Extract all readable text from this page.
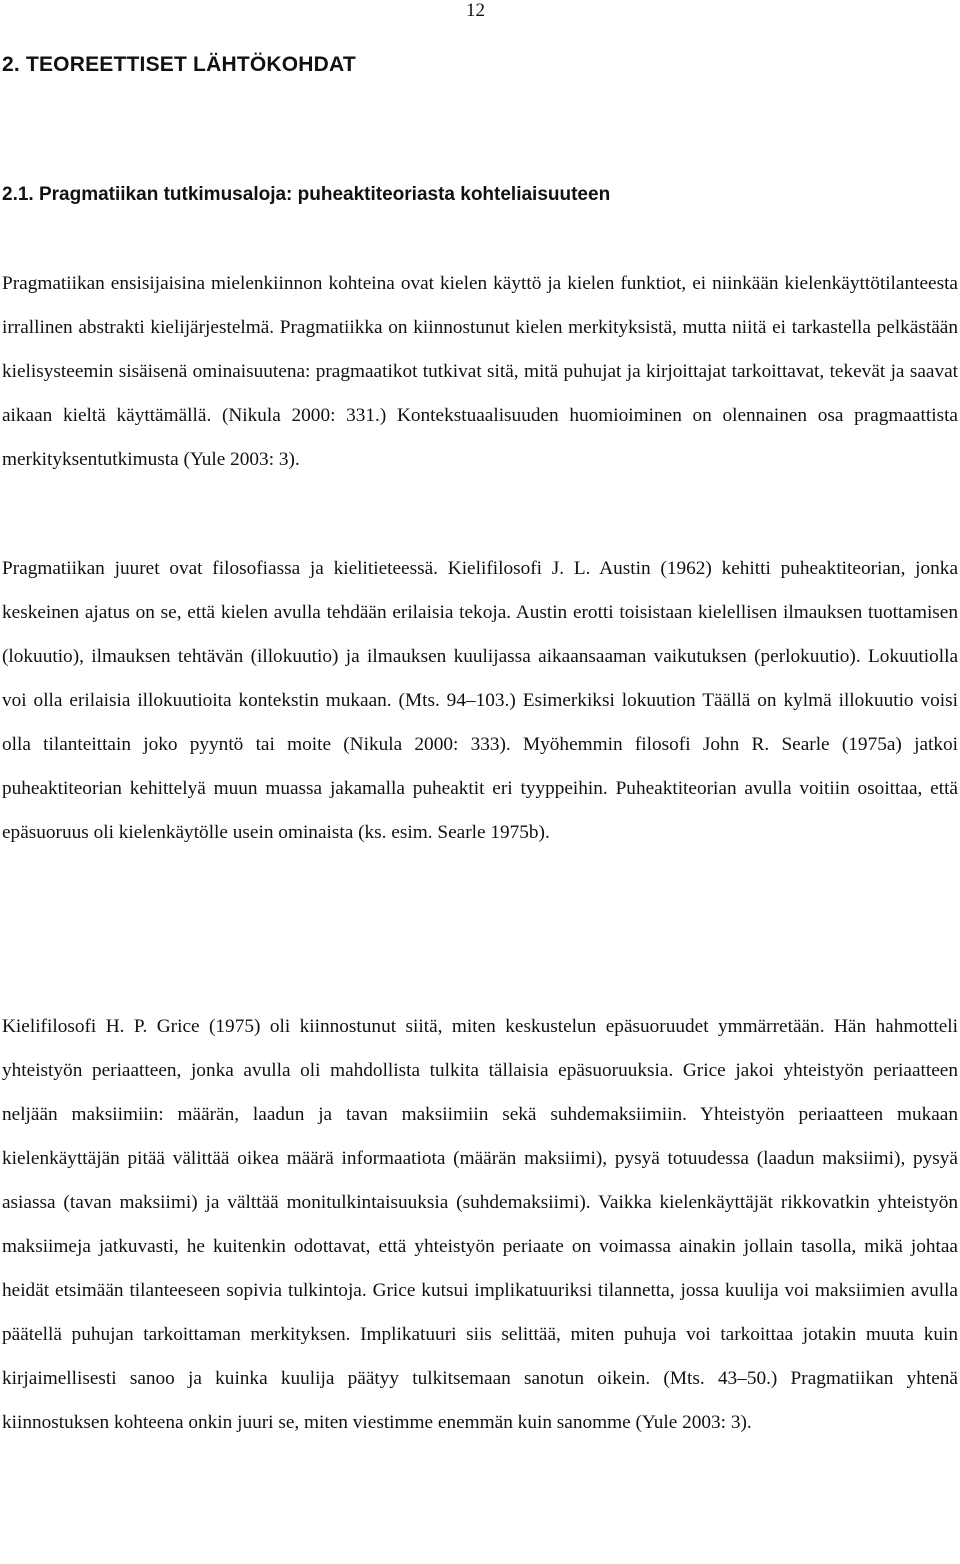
12
2. TEOREETTISET LÄHTÖKOHDAT
2.1. Pragmatiikan tutkimusaloja: puheaktiteoriasta kohteliaisuuteen

Pragmatiikan ensisijaisina mielenkiinnon kohteina ovat kielen käyttö ja kielen funktiot, ei niinkään kielenkäyttötilanteesta irrallinen abstrakti kielijärjestelmä. Pragmatiikka on kiinnostunut kielen merkityksistä, mutta niitä ei tarkastella pelkästään kielisysteemin sisäisenä ominaisuutena: pragmaatikot tutkivat sitä, mitä puhujat ja kirjoittajat tarkoittavat, tekevät ja saavat aikaan kieltä käyttämällä. (Nikula 2000: 331.) Kontekstuaalisuuden huomioiminen on olennainen osa pragmaattista merkityksentutkimusta (Yule 2003: 3).

Pragmatiikan juuret ovat filosofiassa ja kielitieteessä. Kielifilosofi J. L. Austin (1962) kehitti puheaktiteorian, jonka keskeinen ajatus on se, että kielen avulla tehdään erilaisia tekoja. Austin erotti toisistaan kielellisen ilmauksen tuottamisen (lokuutio), ilmauksen tehtävän (illokuutio) ja ilmauksen kuulijassa aikaansaaman vaikutuksen (perlokuutio). Lokuutiolla voi olla erilaisia illokuutioita kontekstin mukaan. (Mts. 94–103.) Esimerkiksi lokuution Täällä on kylmä illokuutio voisi olla tilanteittain joko pyyntö tai moite (Nikula 2000: 333). Myöhemmin filosofi John R. Searle (1975a) jatkoi puheaktiteorian kehittelyä muun muassa jakamalla puheaktit eri tyyppeihin. Puheaktiteorian avulla voitiin osoittaa, että epäsuoruus oli kielenkäytölle usein ominaista (ks. esim. Searle 1975b).

Kielifilosofi H. P. Grice (1975) oli kiinnostunut siitä, miten keskustelun epäsuoruudet ymmärretään. Hän hahmotteli yhteistyön periaatteen, jonka avulla oli mahdollista tulkita tällaisia epäsuoruuksia. Grice jakoi yhteistyön periaatteen neljään maksiimiin: määrän, laadun ja tavan maksiimiin sekä suhdemaksiimiin. Yhteistyön periaatteen mukaan kielenkäyttäjän pitää välittää oikea määrä informaatiota (määrän maksiimi), pysyä totuudessa (laadun maksiimi), pysyä asiassa (tavan maksiimi) ja välttää monitulkintaisuuksia (suhdemaksiimi). Vaikka kielenkäyttäjät rikkovatkin yhteistyön maksiimeja jatkuvasti, he kuitenkin odottavat, että yhteistyön periaate on voimassa ainakin jollain tasolla, mikä johtaa heidät etsimään tilanteeseen sopivia tulkintoja. Grice kutsui implikatuuriksi tilannetta, jossa kuulija voi maksiimien avulla päätellä puhujan tarkoittaman merkityksen. Implikatuuri siis selittää, miten puhuja voi tarkoittaa jotakin muuta kuin kirjaimellisesti sanoo ja kuinka kuulija päätyy tulkitsemaan sanotun oikein. (Mts. 43–50.) Pragmatiikan yhtenä kiinnostuksen kohteena onkin juuri se, miten viestimme enemmän kuin sanomme (Yule 2003: 3).
